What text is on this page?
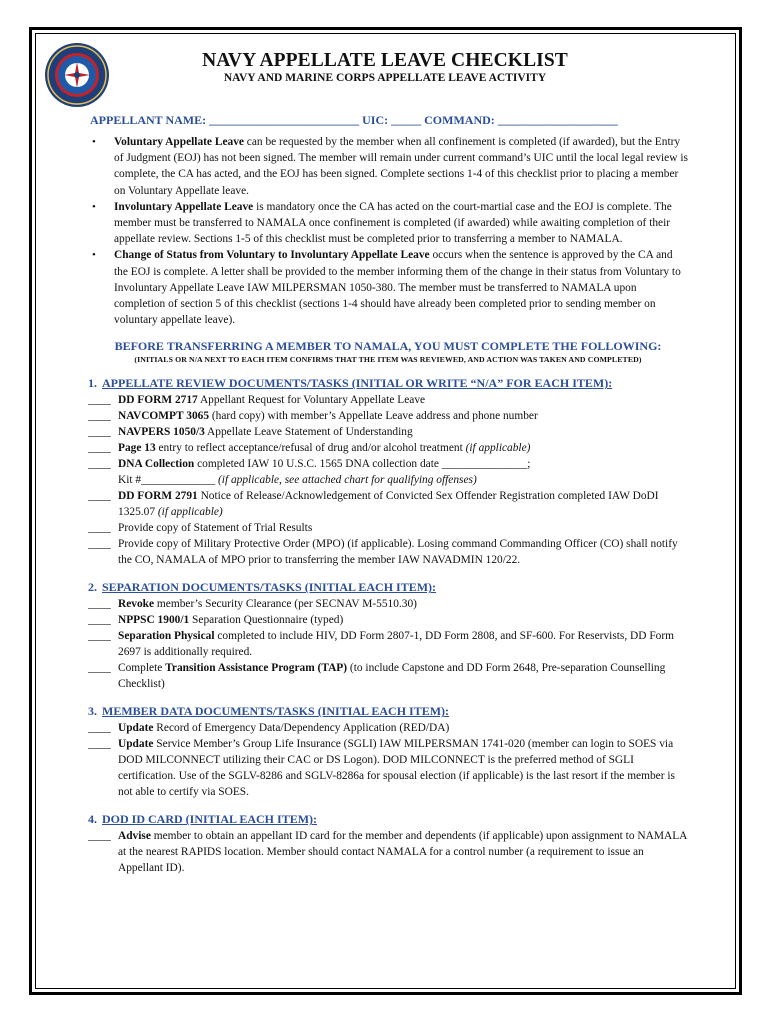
NAVY APPELLATE LEAVE CHECKLIST
NAVY AND MARINE CORPS APPELLATE LEAVE ACTIVITY
APPELLANT NAME: _________________________ UIC: _____ COMMAND: ____________________
• Voluntary Appellate Leave can be requested by the member when all confinement is completed (if awarded), but the Entry of Judgment (EOJ) has not been signed. The member will remain under current command’s UIC until the local legal review is complete, the CA has acted, and the EOJ has been signed. Complete sections 1-4 of this checklist prior to placing a member on Voluntary Appellate leave.
• Involuntary Appellate Leave is mandatory once the CA has acted on the court-martial case and the EOJ is complete. The member must be transferred to NAMALA once confinement is completed (if awarded) while awaiting completion of their appellate review. Sections 1-5 of this checklist must be completed prior to transferring a member to NAMALA.
• Change of Status from Voluntary to Involuntary Appellate Leave occurs when the sentence is approved by the CA and the EOJ is complete. A letter shall be provided to the member informing them of the change in their status from Voluntary to Involuntary Appellate Leave IAW MILPERSMAN 1050-380. The member must be transferred to NAMALA upon completion of section 5 of this checklist (sections 1-4 should have already been completed prior to sending member on voluntary appellate leave).
BEFORE TRANSFERRING A MEMBER TO NAMALA, YOU MUST COMPLETE THE FOLLOWING:
(INITIALS OR N/A NEXT TO EACH ITEM CONFIRMS THAT THE ITEM WAS REVIEWED, AND ACTION WAS TAKEN AND COMPLETED)
1. APPELLATE REVIEW DOCUMENTS/TASKS (INITIAL OR WRITE “N/A” FOR EACH ITEM):
____ DD FORM 2717 Appellant Request for Voluntary Appellate Leave
____ NAVCOMPT 3065 (hard copy) with member’s Appellate Leave address and phone number
____ NAVPERS 1050/3 Appellate Leave Statement of Understanding
____ Page 13 entry to reflect acceptance/refusal of drug and/or alcohol treatment (if applicable)
____ DNA Collection completed IAW 10 U.S.C. 1565 DNA collection date _______________;
Kit #_____________ (if applicable, see attached chart for qualifying offenses)
____ DD FORM 2791 Notice of Release/Acknowledgement of Convicted Sex Offender Registration completed IAW DoDI 1325.07 (if applicable)
____ Provide copy of Statement of Trial Results
____ Provide copy of Military Protective Order (MPO) (if applicable). Losing command Commanding Officer (CO) shall notify the CO, NAMALA of MPO prior to transferring the member IAW NAVADMIN 120/22.
2. SEPARATION DOCUMENTS/TASKS (INITIAL EACH ITEM):
____ Revoke member’s Security Clearance (per SECNAV M-5510.30)
____ NPPSC 1900/1 Separation Questionnaire (typed)
____ Separation Physical completed to include HIV, DD Form 2807-1, DD Form 2808, and SF-600. For Reservists, DD Form 2697 is additionally required.
____ Complete Transition Assistance Program (TAP) (to include Capstone and DD Form 2648, Pre-separation Counselling Checklist)
3. MEMBER DATA DOCUMENTS/TASKS (INITIAL EACH ITEM):
____ Update Record of Emergency Data/Dependency Application (RED/DA)
____ Update Service Member’s Group Life Insurance (SGLI) IAW MILPERSMAN 1741-020 (member can login to SOES via DOD MILCONNECT utilizing their CAC or DS Logon). DOD MILCONNECT is the preferred method of SGLI certification. Use of the SGLV-8286 and SGLV-8286a for spousal election (if applicable) is the last resort if the member is not able to certify via SOES.
4. DOD ID CARD (INITIAL EACH ITEM):
____ Advise member to obtain an appellant ID card for the member and dependents (if applicable) upon assignment to NAMALA at the nearest RAPIDS location. Member should contact NAMALA for a control number (a requirement to issue an Appellant ID).
